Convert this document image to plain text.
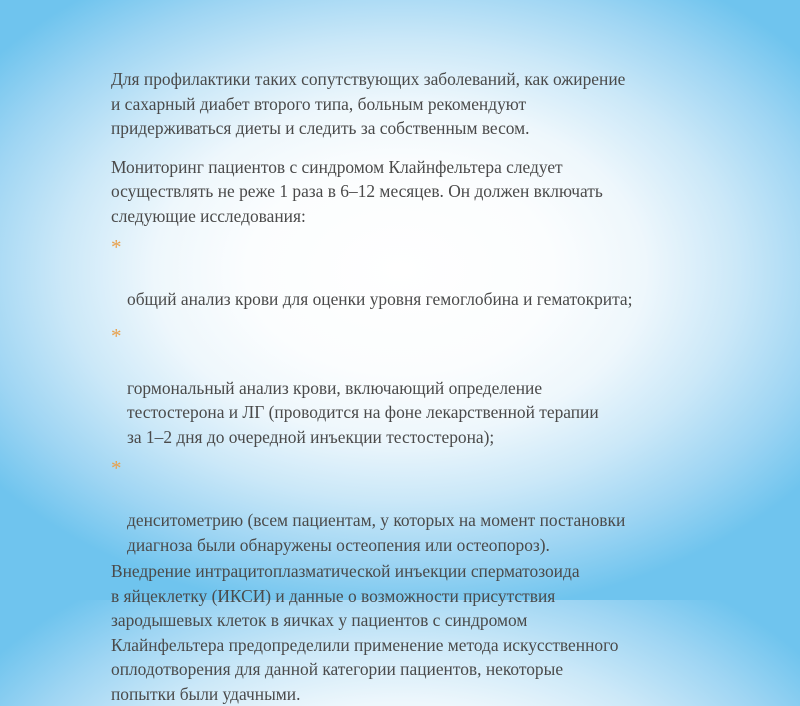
Для профилактики таких сопутствующих заболеваний, как ожирение
и сахарный диабет второго типа, больным рекомендуют
придерживаться диеты и следить за собственным весом.

Мониторинг пациентов с синдромом Клайнфельтера следует
осуществлять не реже 1 раза в 6–12 месяцев. Он должен включать
следующие исследования:

*

общий анализ крови для оценки уровня гемоглобина и гематокрита;

*

гормональный анализ крови, включающий определение
тестостерона и ЛГ (проводится на фоне лекарственной терапии
за 1–2 дня до очередной инъекции тестостерона);

*

денситометрию (всем пациентам, у которых на момент постановки
диагноза были обнаружены остеопения или остеопороз).

Внедрение интрацитоплазматической инъекции сперматозоида
в яйцеклетку (ИКСИ) и данные о возможности присутствия
зародышевых клеток в яичках у пациентов с синдромом
Клайнфельтера предопределили применение метода искусственного
оплодотворения для данной категории пациентов, некоторые
попытки были удачными.
